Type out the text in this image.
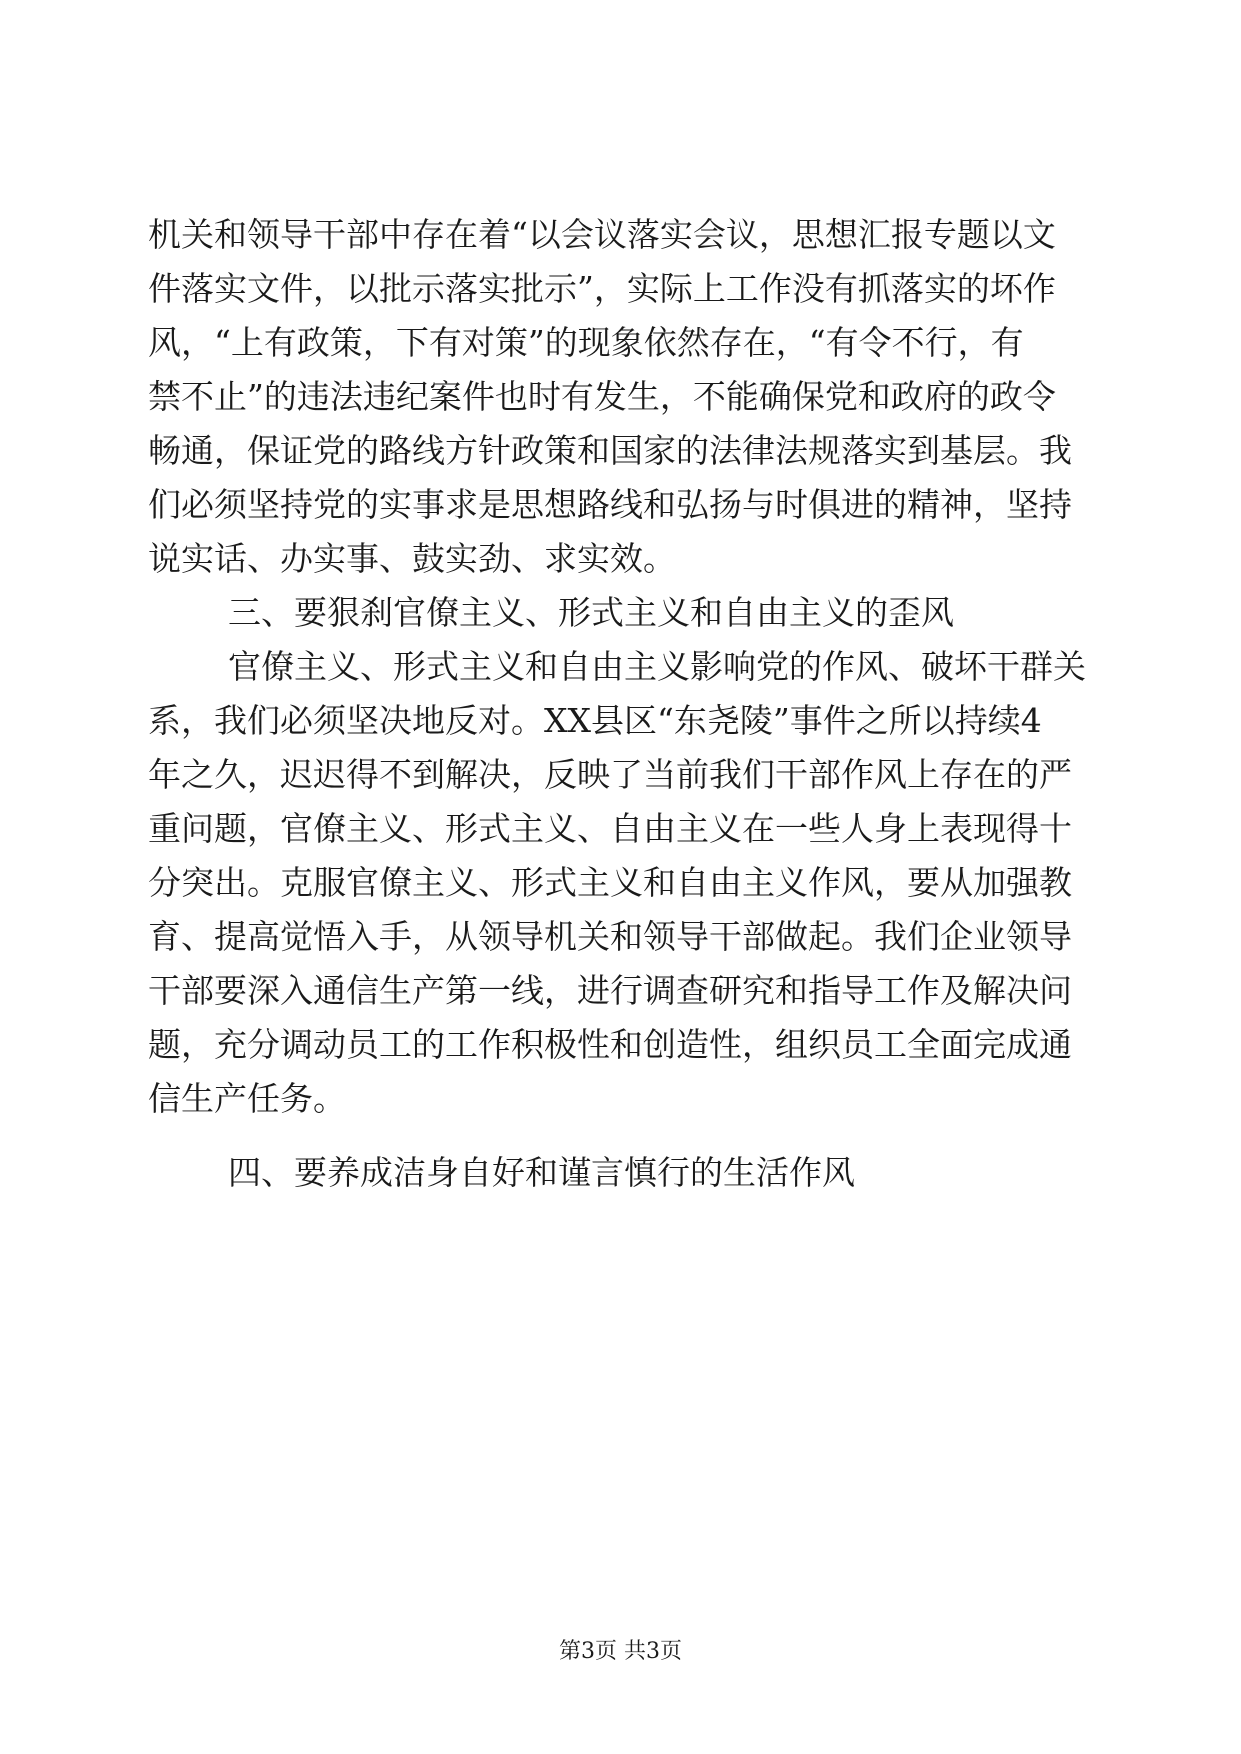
机关和领导干部中存在着“以会议落实会议，思想汇报专题以文
件落实文件，以批示落实批示”，实际上工作没有抓落实的坏作
风，“上有政策，下有对策”的现象依然存在，“有令不行，有
禁不止”的违法违纪案件也时有发生，不能确保党和政府的政令
畅通，保证党的路线方针政策和国家的法律法规落实到基层。我
们必须坚持党的实事求是思想路线和弘扬与时俱进的精神，坚持
说实话、办实事、鼓实劲、求实效。
三、要狠刹官僚主义、形式主义和自由主义的歪风
官僚主义、形式主义和自由主义影响党的作风、破坏干群关
系，我们必须坚决地反对。XX县区“东尧陵”事件之所以持续4
年之久，迟迟得不到解决，反映了当前我们干部作风上存在的严
重问题，官僚主义、形式主义、自由主义在一些人身上表现得十
分突出。克服官僚主义、形式主义和自由主义作风，要从加强教
育、提高觉悟入手，从领导机关和领导干部做起。我们企业领导
干部要深入通信生产第一线，进行调查研究和指导工作及解决问
题，充分调动员工的工作积极性和创造性，组织员工全面完成通
信生产任务。
四、要养成洁身自好和谨言慎行的生活作风
第3页 共3页
